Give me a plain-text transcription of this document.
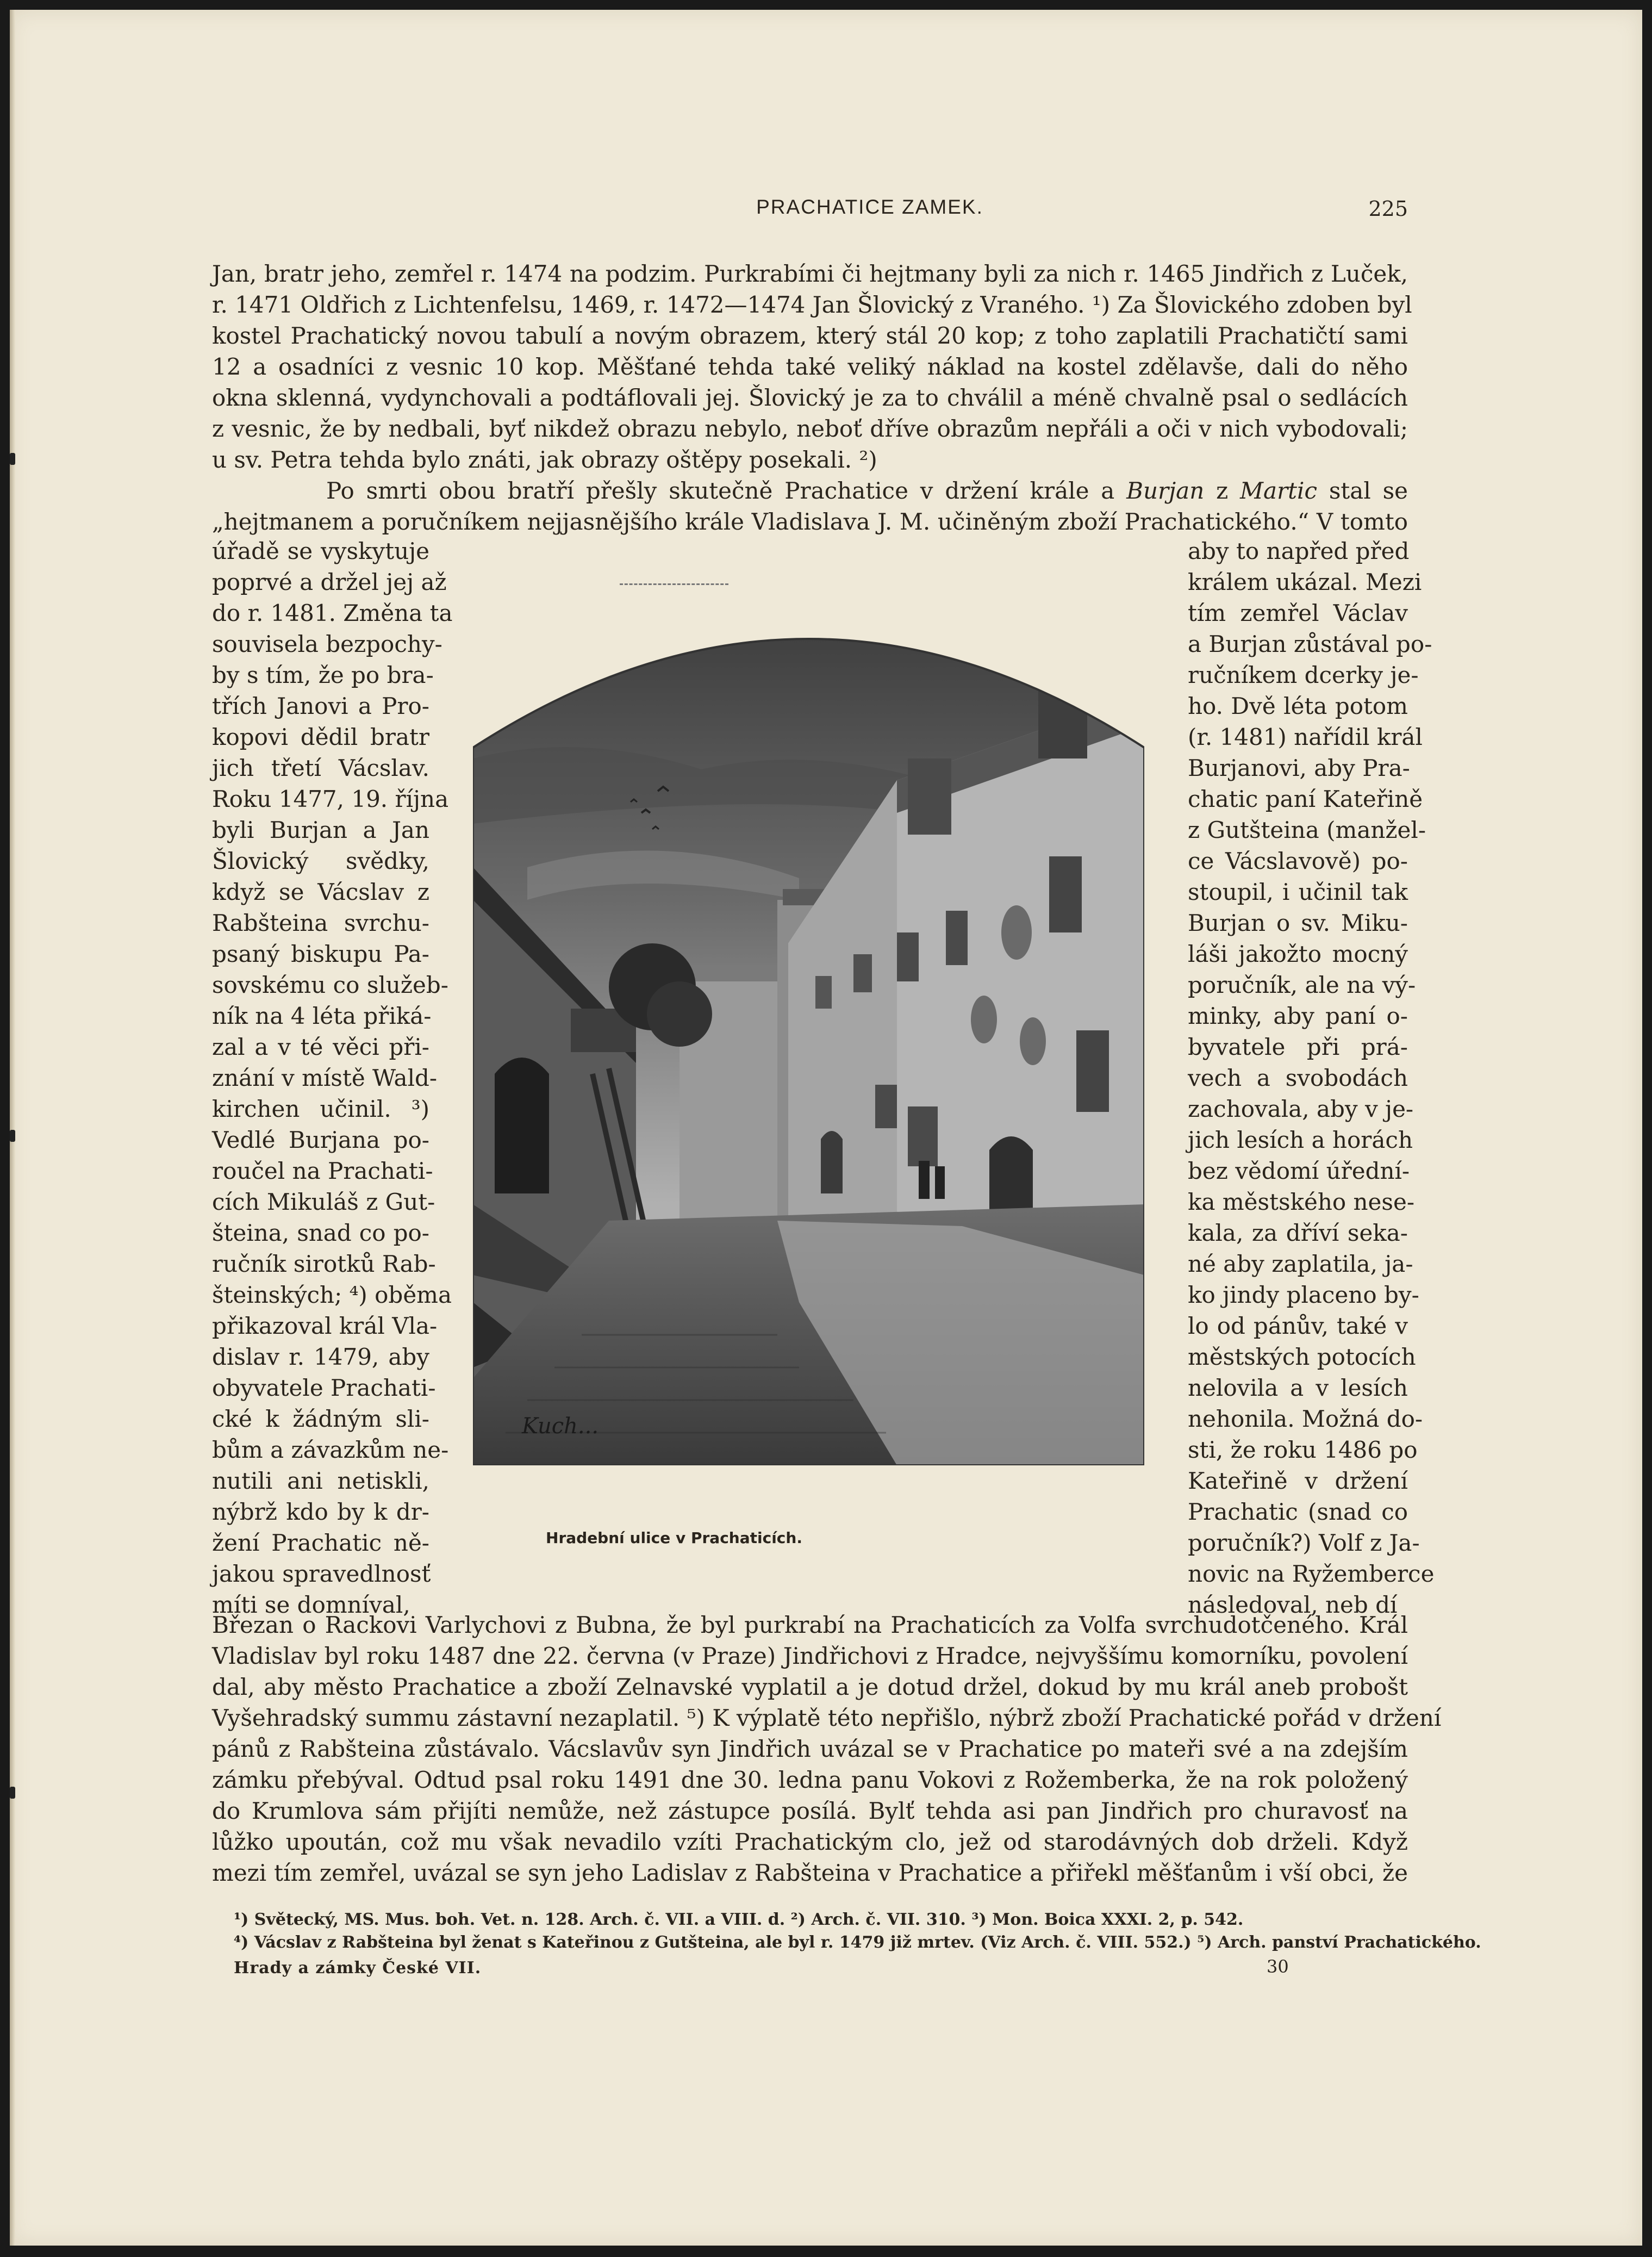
PRACHATICE ZAMEK.	225
Jan, bratr jeho, zemřel r. 1474 na podzim. Purkrabími či hejtmany byli za nich r. 1465 Jindřich z Luček,
r. 1471 Oldřich z Lichtenfelsu, 1469, r. 1472—1474 Jan Šlovický z Vraného. ¹) Za Šlovického zdoben byl
kostel Prachatický novou tabulí a novým obrazem, který stál 20 kop; z toho zaplatili Prachatičtí sami
12 a osadníci z vesnic 10 kop. Měšťané tehda také veliký náklad na kostel zdělavše, dali do něho
okna sklenná, vydynchovali a podtáflovali jej. Šlovický je za to chválil a méně chvalně psal o sedlácích
z vesnic, že by nedbali, byť nikdež obrazu nebylo, neboť dříve obrazům nepřáli a oči v nich vybodovali;
u sv. Petra tehda bylo znáti, jak obrazy oštěpy posekali. ²)
Po smrti obou bratří přešly skutečně Prachatice v držení krále a Burjan z Martic stal se
„hejtmanem a poručníkem nejjasnějšího krále Vladislava J. M. učiněným zboží Prachatického.“ V tomto
úřadě se vyskytuje
poprvé a držel jej až
do r. 1481. Změna ta
souvisela bezpochy-
by s tím, že po bra-
třích Janovi a Pro-
kopovi dědil bratr
jich třetí Vácslav.
Roku 1477, 19. října
byli Burjan a Jan
Šlovický svědky,
když se Vácslav z
Rabšteina svrchu-
psaný biskupu Pa-
sovskému co služeb-
ník na 4 léta přiká-
zal a v té věci při-
znání v místě Wald-
kirchen učinil. ³)
Vedlé Burjana po-
roučel na Prachati-
cích Mikuláš z Gut-
šteina, snad co po-
ručník sirotků Rab-
šteinských; ⁴) oběma
přikazoval král Vla-
dislav r. 1479, aby
obyvatele Prachati-
cké k žádným sli-
bům a závazkům ne-
nutili ani netiskli,
nýbrž kdo by k dr-
žení Prachatic ně-
jakou spravedlnosť
míti se domníval,
aby to napřed před
králem ukázal. Mezi
tím zemřel Václav
a Burjan zůstával po-
ručníkem dcerky je-
ho. Dvě léta potom
(r. 1481) nařídil král
Burjanovi, aby Pra-
chatic paní Kateřině
z Gutšteina (manžel-
ce Vácslavově) po-
stoupil, i učinil tak
Burjan o sv. Miku-
láši jakožto mocný
poručník, ale na vý-
minky, aby paní o-
byvatele při prá-
vech a svobodách
zachovala, aby v je-
jich lesích a horách
bez vědomí úřední-
ka městského nese-
kala, za dříví seka-
né aby zaplatila, ja-
ko jindy placeno by-
lo od pánův, také v
městských potocích
nelovila a v lesích
nehonila. Možná do-
sti, že roku 1486 po
Kateřině v držení
Prachatic (snad co
poručník?) Volf z Ja-
novic na Ryžemberce
následoval, neb dí
Kuch...
Hradební ulice v Prachaticích.
Březan o Rackovi Varlychovi z Bubna, že byl purkrabí na Prachaticích za Volfa svrchudotčeného. Král
Vladislav byl roku 1487 dne 22. června (v Praze) Jindřichovi z Hradce, nejvyššímu komorníku, povolení
dal, aby město Prachatice a zboží Zelnavské vyplatil a je dotud držel, dokud by mu král aneb probošt
Vyšehradský summu zástavní nezaplatil. ⁵) K výplatě této nepřišlo, nýbrž zboží Prachatické pořád v držení
pánů z Rabšteina zůstávalo. Vácslavův syn Jindřich uvázal se v Prachatice po mateři své a na zdejším
zámku přebýval. Odtud psal roku 1491 dne 30. ledna panu Vokovi z Rožemberka, že na rok položený
do Krumlova sám přijíti nemůže, než zástupce posílá. Bylť tehda asi pan Jindřich pro churavosť na
lůžko upoután, což mu však nevadilo vzíti Prachatickým clo, jež od starodávných dob drželi. Když
mezi tím zemřel, uvázal se syn jeho Ladislav z Rabšteina v Prachatice a přiřekl měšťanům i vší obci, že
¹) Světecký, MS. Mus. boh. Vet. n. 128. Arch. č. VII. a VIII. d. ²) Arch. č. VII. 310. ³) Mon. Boica XXXI. 2, p. 542.
⁴) Vácslav z Rabšteina byl ženat s Kateřinou z Gutšteina, ale byl r. 1479 již mrtev. (Viz Arch. č. VIII. 552.) ⁵) Arch. panství Prachatického.
Hrady a zámky České VII.	30
